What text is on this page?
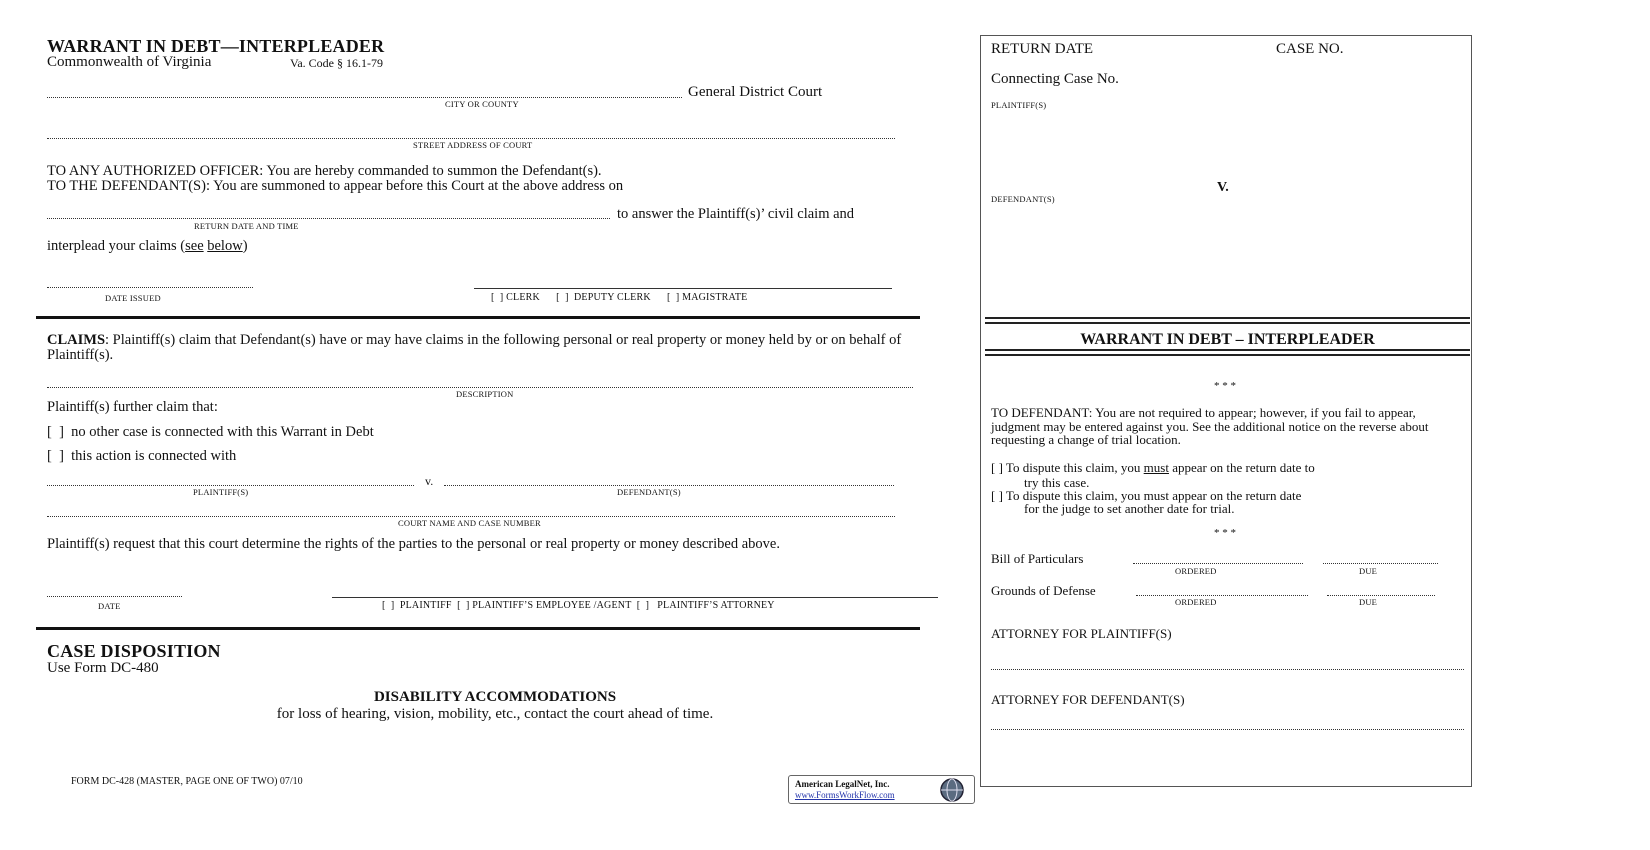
WARRANT IN DEBT—INTERPLEADER
Commonwealth of Virginia	Va. Code § 16.1-79
General District Court
CITY OR COUNTY
STREET ADDRESS OF COURT
TO ANY AUTHORIZED OFFICER: You are hereby commanded to summon the Defendant(s).
TO THE DEFENDANT(S): You are summoned to appear before this Court at the above address on
to answer the Plaintiff(s)’ civil claim and
RETURN DATE AND TIME
interplead your claims (see below)
DATE ISSUED	[  ] CLERK      [  ]  DEPUTY CLERK      [  ] MAGISTRATE
CLAIMS: Plaintiff(s) claim that Defendant(s) have or may have claims in the following personal or real property or money held by or on behalf of Plaintiff(s).
DESCRIPTION
Plaintiff(s) further claim that:
[  ]  no other case is connected with this Warrant in Debt
[  ]  this action is connected with
v.
PLAINTIFF(S)	DEFENDANT(S)
COURT NAME AND CASE NUMBER
Plaintiff(s) request that this court determine the rights of the parties to the personal or real property or money described above.
DATE	[  ]  PLAINTIFF  [  ] PLAINTIFF’S EMPLOYEE /AGENT  [  ]   PLAINTIFF’S ATTORNEY
CASE DISPOSITION
Use Form DC-480
DISABILITY ACCOMMODATIONS
for loss of hearing, vision, mobility, etc., contact the court ahead of time.
FORM DC-428 (MASTER, PAGE ONE OF TWO) 07/10	American LegalNet, Inc.
www.FormsWorkFlow.com
RETURN DATE	CASE NO.
Connecting Case No.
PLAINTIFF(S)
V.
DEFENDANT(S)
WARRANT IN DEBT – INTERPLEADER
* * *
TO DEFENDANT: You are not required to appear; however, if you fail to appear, judgment may be entered against you. See the additional notice on the reverse about requesting a change of trial location.
[ ] To dispute this claim, you must appear on the return date to
try this case.
[ ] To dispute this claim, you must appear on the return date
for the judge to set another date for trial.
* * *
Bill of Particulars
ORDERED	DUE
Grounds of Defense
ORDERED	DUE
ATTORNEY FOR PLAINTIFF(S)
ATTORNEY FOR DEFENDANT(S)
